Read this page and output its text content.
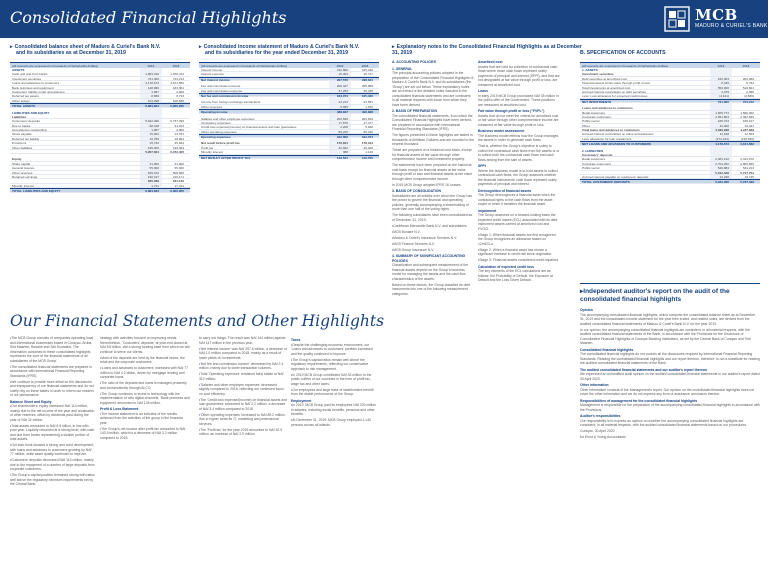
Consolidated Financial Highlights	MCB
MADURO & CURIEL'S BANK N.V.
▸ Consolidated balance sheet of Maduro & Curiel's Bank N.V.
and its subsidiaries as at December 31, 2019
(All amounts are expressed in thousands of Netherlands Antilles)	2019	2018
ASSETS
Cash and due from banks	1,803,910	1,878,413
Investment securities	721,300	724,213
Loans and advances to customers	4,178,673	4,101,582
Bank premises and equipment	148,996	163,381
Customers' liability under acceptances	1,987	2,900
Deferred tax assets	8,869	8,713
Other assets	104,298	108,838
TOTAL ASSETS	6,884,834	6,900,955
LIABILITIES AND EQUITY
Liabilities
Customers' deposits	5,622,396	5,737,499
Due to banks	98,318	91,103
Acceptances outstanding	1,987	2,900
Taxes payable	15,062	13,791
Deferred tax liability	10,789	10,804
Provisions	15,732	25,844
Other liabilities	195,300	190,464
5,957,624	6,072,405
Equity
Share capital	31,000	31,000
General reserve	55,300	55,300
Other reserves	649,152	508,665
Retained earnings	190,017	216,171
925,469	811,136
Minority interest	1,741	17,414
TOTAL LIABILITIES AND EQUITY	6,884,834	6,900,955
▸ Consolidated income statement of Maduro & Curiel's Bank N.V.
and its subsidiaries for the year ended December 31, 2019
(All amounts are expressed in thousands of Netherlands Antilles)	2019	2018
Interest income	312,880	315,348
Interest expense	15,304	16,727
Net interest income	297,576	298,621
Fee and commission income	200,327	205,868
Fee and commission expense	37,253	40,438
Net fee and commission income	163,074	165,430
Income from foreign exchange transactions	23,213	23,551
Other revenues	5,955	1,150
Operating income	488,847	490,688
Salaries and other employee expenses	202,699	203,819
Occupancy expenses	17,879	17,477
Credit loss expense/(income) on financial assets and loan guarantees	2,208	5,638
Other operating expenses	89,220	85,440
Operating expenses	312,006	312,374
Net result before profit tax	176,841	178,314
Profit tax	32,932	30,400
Minority interest	388	1,149
NET RESULT AFTER PROFIT TAX	143,521	146,765
▸ Explanatory notes to the Consolidated Financial Highlights as at December 31, 2019
A. ACCOUNTING POLICIES
1. GENERAL

The principal accounting policies adopted in the preparation of the Consolidated Financial Highlights of Maduro & Curiel's Bank N.V. and its subsidiaries (the 'Group') are set out below. These explanatory notes are an extract of the detailed notes included in the consolidated financial statements and are consistent in all material respects with those from which they have been derived.

2. BASIS OF PREPARATION

The consolidated financial statements, from which the Consolidated Financial Highlights have been derived, are prepared in accordance with International Financial Reporting Standards (IFRS).

The figures presented in these highlights are stated in thousands of Antillean Guilders and are rounded to the nearest thousand.

These are prepared on a historical cost basis, except for financial assets at fair value through other comprehensive income and investment property.

The statements have been prepared on the historical cost basis except for financial assets at fair value through profit or loss and financial assets at fair value through other comprehensive income.

In 2019 MCB Group adopted IFRS 16 Leases.

3. BASIS OF CONSOLIDATION

Subsidiaries are all entities over which the Group has the power to govern the financial and operating policies, generally accompanying a shareholding of more than one half of the voting rights.

The following subsidiaries have been consolidated as of December 31, 2019:

• Caribbean Mercantile Bank N.V. and subsidiaries

• MCB Bonaire N.V.

• Maduro & Curiel's Insurance Services N.V.

• MCB Finance Services N.V.

• MCB Group Insurance N.V.

4. SUMMARY OF SIGNIFICANT ACCOUNTING POLICIES

Classification and subsequent measurement of the financial assets depend on the Group's business model for managing the assets and the cash flow characteristics of the assets.

Based on these factors, the Group classifies its debt instruments into one of the following measurement categories.

Amortized cost

Assets that are held for collection of contractual cash flows where those cash flows represent solely payments of principal and interest (SPPI), and that are not designated at fair value through profit or loss, are measured at amortized cost.

Loans

In early 2019 MCB Group purchased NAf 35 million in the public offer of the Government. These positions are measured at amortized cost.

Fair value through profit or loss ("FVPL")

Assets that do not meet the criteria for amortized cost or fair value through other comprehensive income are measured at fair value through profit or loss.

Business model assessment

The business model reflects how the Group manages the assets in order to generate cash flows.

That is, whether the Group's objective is solely to collect the contractual cash flows from the assets or is to collect both the contractual cash flows and cash flows arising from the sale of assets.

SPPI

Where the business model is to hold assets to collect contractual cash flows, the Group assesses whether the financial instruments' cash flows represent solely payments of principal and interest.

Derecognition of financial assets

The Group derecognizes a financial asset when the contractual rights to the cash flows from the asset expire or when it transfers the financial asset.

Impairment

The Group assesses on a forward-looking basis the expected credit losses (ECL) associated with its debt instrument assets carried at amortized cost and FVOCI.

• Stage 1: When financial assets are first recognized, the Group recognizes an allowance based on 12mECLs.

• Stage 2: When a financial asset has shown a significant increase in credit risk since origination.

• Stage 3: Financial assets considered credit-impaired.

Calculation of expected credit loss

The key elements of the ECL calculations are as follows: the Probability of Default, the Exposure at Default and the Loss Given Default.

B. SPECIFICATION OF ACCOUNTS
(All amounts are expressed in thousands of Netherlands Antilles)	2019	2018
1. ASSETS
Investment securities
Debt securities at amortized cost	160,303	202,069
Financial assets at fair value through profit or loss	8,339	5,764
Total investments at amortized cost	553,000	516,601
Accrued interest receivables on debt securities	4,079	2,365
Less: Loss allowance for expected credit losses	(4,421)	(2,586)
NET INVESTMENTS	721,300	724,213
Loans and advances to customers
Retail customers	1,605,774	1,566,302
Corporate customers	2,551,801	2,462,839
Public sector	165,723	189,107
Other	16,000	19,421
Total loans and advances to customers	4,339,298	4,237,669
Accrued interest receivables on loans and advances	11,618	12,503
Less: allowance for loan impairment	(172,243)	(148,590)
NET LOANS AND ADVANCES TO CUSTOMERS	4,178,673	4,101,582
2. LIABILITIES
Customers' deposits
Retail customers	2,381,212	2,313,976
Corporate customers	2,704,252	2,869,565
Public sector	526,884	534,213
5,612,348	5,717,754
Accrued interest payable on customers' deposits	10,048	19,745
TOTAL CUSTOMERS' DEPOSITS	5,622,396	5,737,499
Our Financial Statements and Other Highlights

• The MCB Group consists of companies operating local and international businesses based in Curaçao, Aruba, Sint Maarten, Bonaire and Sint Eustatius. The information contained in these consolidated highlights represents the core of the financial statements of all subsidiaries of the MCB Group.

• The consolidated financial statements are prepared in accordance with International Financial Reporting Standards (IFRS).

• We continue to provide more detail on the disclosures and transparency of our financial statements and do not solely rely on these tables in order to inform our readers of our performance.

Balance Sheet and Equity

• Our shareholders' equity increased NAf 114 million, mainly due to the net income of the year and revaluation of other reserves, offset by dividends paid during the year of NAf 32 million.

• Total assets amounted to NAf 6.9 billion, in line with prior year. Liquidity remained at a strong level, with cash and due from banks representing a sizable portion of total assets.

• Our loan book showed a strong and solid development, with loans and advances to customers growing by NAf 77 million, while asset quality continued to improve.

• Customers' deposits decreased NAf 115 million, mainly due to the repayment of a number of large deposits from corporate customers.

• The Group's capital position remained strong with ratios well above the regulatory minimum requirements set by the Central Bank.

strategy with activities focused on improving needs. Nevertheless, "Customers' deposits" at year-end closed at NAf 5.6 billion, still a strong funding base from which we will continue to serve our clients.

• Most of the deposits are held by the financial sector, the retail and the corporate customers.

• 'Loans and advances to customers' increased with NAf 77 million to NAf 4.2 billion, driven by mortgage lending and corporate loans.

• The ratio of the deposits and loans is managed prudently and conservatively through ALCO.

• The Group continues to invest in technology with the implementation of new digital channels. 'Bank premises and equipment' amounted to NAf 149 million.

Profit & Loss Statement

• The income statement is an indicator of the results achieved from the activities of the group in the financial year.

• The Group's net income after profit tax amounted to NAf 143.5 million, which is a decrease of NAf 3.2 million compared to 2018.

to carry out things. The result was NAf 144 million against NAf 147 million in the previous year.

• 'Net interest income' was NAf 297.6 million, a decrease of NAf 1.0 million compared to 2018, mainly as a result of lower yields on investments.

• 'Net fee and commission income' decreased by NAf 2.4 million, mainly due to lower transaction volumes.

• Total 'Operating expenses' remained fairly stable at NAf 312 million.

• 'Salaries and other employee expenses' decreased slightly compared to 2018, reflecting our continued focus on cost efficiency.

• The 'Credit loss expense/(income) on financial assets and loan guarantees' amounted to NAf 2.2 million, a decrease of NAf 3.4 million compared to 2018.

• 'Other operating expenses' increased to NAf 89.2 million, due to higher costs for IT, marketing and professional services.

• The 'Profit tax' for the year 2019 amounted to NAf 32.9 million, an increase of NAf 2.5 million.

Taxes

• Despite the challenging economic environment, our 'Loans and advances to customers' portfolio increased and the quality continued to improve.

• The Group's capital ratios remain well above the regulatory requirements, reflecting our conservative approach to risk management.

• In 2019 MCB Group contributed NAf 33 million to the public coffers of our countries in the form of profit tax, wage tax and other taxes.

• Our employees and large base of stakeholders benefit from the stable performance of the Group.

Employment

• In 2019, MCB Group paid its employees NAf 203 million in salaries, including social benefits, pensions and other benefits.

• At December 31, 2019, MCB Group employed 1,140 persons across all islands.

▸Independent auditor's report on the audit of the consolidated financial highlights
Opinion

The accompanying consolidated financial highlights, which comprise the consolidated balance sheet as at December 31, 2019 and the consolidated income statement for the year then ended, and related notes, are derived from the audited consolidated financial statements of Maduro & Curiel's Bank N.V. for the year 2019.

In our opinion, the accompanying consolidated financial highlights are consistent, in all material respects, with the audited consolidated financial statements of the Bank, in accordance with the Provisions for the Disclosure of Consolidated Financial Highlights of Curaçao Banking Institutions, as set by the Central Bank of Curaçao and Sint Maarten.

Consolidated financial highlights

The consolidated financial highlights do not contain all the disclosures required by International Financial Reporting Standards. Reading the consolidated financial highlights and our report thereon, therefore, is not a substitute for reading the audited consolidated financial statements of the Bank.

The audited consolidated financial statements and our auditor's report thereon

We expressed an unmodified audit opinion on the audited consolidated financial statements in our auditor's report dated 30 April 2020.

Other information

Other information consists of the Management's report. Our opinion on the consolidated financial highlights does not cover the other information and we do not express any form of assurance conclusion thereon.

Responsibilities of management for the consolidated financial highlights

Management is responsible for the preparation of the accompanying consolidated financial highlights in accordance with the Provisions.

Auditor's responsibilities

Our responsibility is to express an opinion on whether the accompanying consolidated financial highlights are consistent, in all material respects, with the audited consolidated financial statements based on our procedures.

Curaçao, 30 April 2020

for Ernst & Young Accountants
